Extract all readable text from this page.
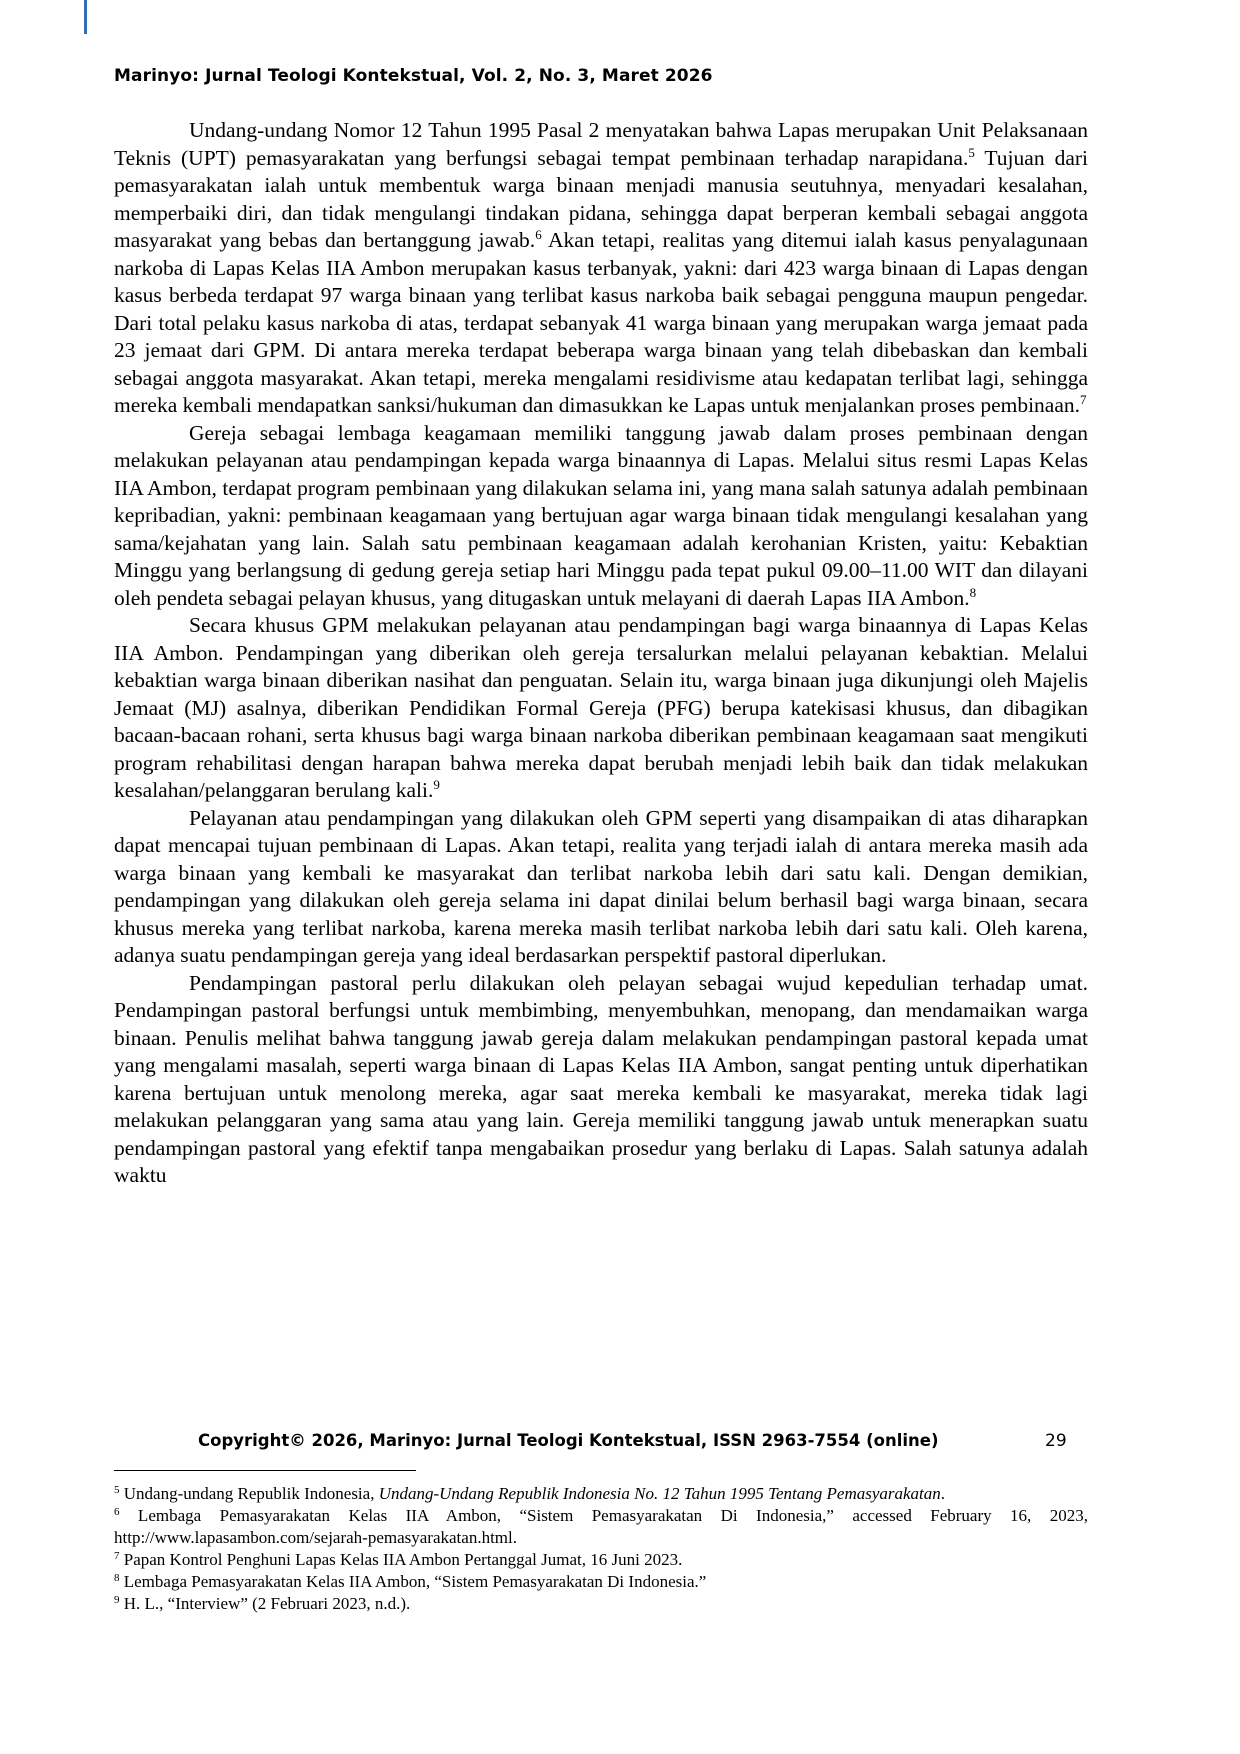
Marinyo: Jurnal Teologi Kontekstual, Vol. 2, No. 3, Maret 2026

Undang-undang Nomor 12 Tahun 1995 Pasal 2 menyatakan bahwa Lapas merupakan Unit Pelaksanaan Teknis (UPT) pemasyarakatan yang berfungsi sebagai tempat pembinaan terhadap narapidana.$^5$ Tujuan dari pemasyarakatan ialah untuk membentuk warga binaan menjadi manusia seutuhnya, menyadari kesalahan, memperbaiki diri, dan tidak mengulangi tindakan pidana, sehingga dapat berperan kembali sebagai anggota masyarakat yang bebas dan bertanggung jawab.$^6$ Akan tetapi, realitas yang ditemui ialah kasus penyalagunaan narkoba di Lapas Kelas IIA Ambon merupakan kasus terbanyak, yakni: dari 423 warga binaan di Lapas dengan kasus berbeda terdapat 97 warga binaan yang terlibat kasus narkoba baik sebagai pengguna maupun pengedar. Dari total pelaku kasus narkoba di atas, terdapat sebanyak 41 warga binaan yang merupakan warga jemaat pada 23 jemaat dari GPM. Di antara mereka terdapat beberapa warga binaan yang telah dibebaskan dan kembali sebagai anggota masyarakat. Akan tetapi, mereka mengalami residivisme atau kedapatan terlibat lagi, sehingga mereka kembali mendapatkan sanksi/hukuman dan dimasukkan ke Lapas untuk menjalankan proses pembinaan.$^7$

Gereja sebagai lembaga keagamaan memiliki tanggung jawab dalam proses pembinaan dengan melakukan pelayanan atau pendampingan kepada warga binaannya di Lapas. Melalui situs resmi Lapas Kelas IIA Ambon, terdapat program pembinaan yang dilakukan selama ini, yang mana salah satunya adalah pembinaan kepribadian, yakni: pembinaan keagamaan yang bertujuan agar warga binaan tidak mengulangi kesalahan yang sama/kejahatan yang lain. Salah satu pembinaan keagamaan adalah kerohanian Kristen, yaitu: Kebaktian Minggu yang berlangsung di gedung gereja setiap hari Minggu pada tepat pukul 09.00–11.00 WIT dan dilayani oleh pendeta sebagai pelayan khusus, yang ditugaskan untuk melayani di daerah Lapas IIA Ambon.$^8$

Secara khusus GPM melakukan pelayanan atau pendampingan bagi warga binaannya di Lapas Kelas IIA Ambon. Pendampingan yang diberikan oleh gereja tersalurkan melalui pelayanan kebaktian. Melalui kebaktian warga binaan diberikan nasihat dan penguatan. Selain itu, warga binaan juga dikunjungi oleh Majelis Jemaat (MJ) asalnya, diberikan Pendidikan Formal Gereja (PFG) berupa katekisasi khusus, dan dibagikan bacaan-bacaan rohani, serta khusus bagi warga binaan narkoba diberikan pembinaan keagamaan saat mengikuti program rehabilitasi dengan harapan bahwa mereka dapat berubah menjadi lebih baik dan tidak melakukan kesalahan/pelanggaran berulang kali.$^9$

Pelayanan atau pendampingan yang dilakukan oleh GPM seperti yang disampaikan di atas diharapkan dapat mencapai tujuan pembinaan di Lapas. Akan tetapi, realita yang terjadi ialah di antara mereka masih ada warga binaan yang kembali ke masyarakat dan terlibat narkoba lebih dari satu kali. Dengan demikian, pendampingan yang dilakukan oleh gereja selama ini dapat dinilai belum berhasil bagi warga binaan, secara khusus mereka yang terlibat narkoba, karena mereka masih terlibat narkoba lebih dari satu kali. Oleh karena, adanya suatu pendampingan gereja yang ideal berdasarkan perspektif pastoral diperlukan.

Pendampingan pastoral perlu dilakukan oleh pelayan sebagai wujud kepedulian terhadap umat. Pendampingan pastoral berfungsi untuk membimbing, menyembuhkan, menopang, dan mendamaikan warga binaan. Penulis melihat bahwa tanggung jawab gereja dalam melakukan pendampingan pastoral kepada umat yang mengalami masalah, seperti warga binaan di Lapas Kelas IIA Ambon, sangat penting untuk diperhatikan karena bertujuan untuk menolong mereka, agar saat mereka kembali ke masyarakat, mereka tidak lagi melakukan pelanggaran yang sama atau yang lain. Gereja memiliki tanggung jawab untuk menerapkan suatu pendampingan pastoral yang efektif tanpa mengabaikan prosedur yang berlaku di Lapas. Salah satunya adalah waktu

Copyright© 2026, Marinyo: Jurnal Teologi Kontekstual, ISSN 2963-7554 (online)	29
$^5$ Undang-undang Republik Indonesia, Undang-Undang Republik Indonesia No. 12 Tahun 1995 Tentang Pemasyarakatan.
$^6$ Lembaga Pemasyarakatan Kelas IIA Ambon, “Sistem Pemasyarakatan Di Indonesia,” accessed February 16, 2023, http://www.lapasambon.com/sejarah-pemasyarakatan.html.
$^7$ Papan Kontrol Penghuni Lapas Kelas IIA Ambon Pertanggal Jumat, 16 Juni 2023.
$^8$ Lembaga Pemasyarakatan Kelas IIA Ambon, “Sistem Pemasyarakatan Di Indonesia.”
$^9$ H. L., “Interview” (2 Februari 2023, n.d.).
